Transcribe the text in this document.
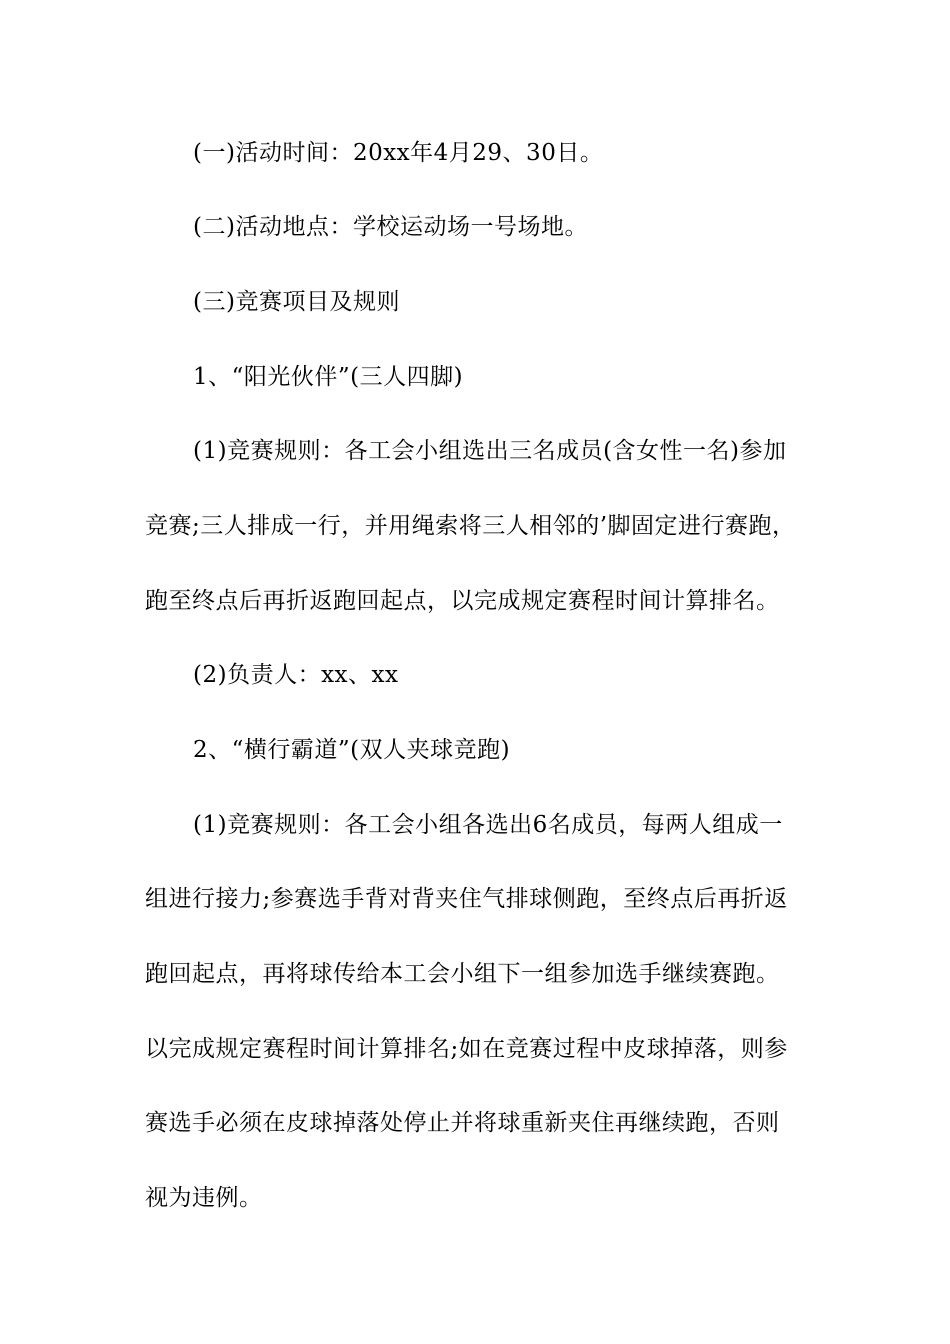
(一)活动时间：20xx年4月29、30日。
(二)活动地点：学校运动场一号场地。
(三)竞赛项目及规则
1、“阳光伙伴”(三人四脚)
(1)竞赛规则：各工会小组选出三名成员(含女性一名)参加
竞赛;三人排成一行，并用绳索将三人相邻的’脚固定进行赛跑，
跑至终点后再折返跑回起点，以完成规定赛程时间计算排名。
(2)负责人：xx、xx
2、“横行霸道”(双人夹球竞跑)
(1)竞赛规则：各工会小组各选出6名成员，每两人组成一
组进行接力;参赛选手背对背夹住气排球侧跑，至终点后再折返
跑回起点，再将球传给本工会小组下一组参加选手继续赛跑。
以完成规定赛程时间计算排名;如在竞赛过程中皮球掉落，则参
赛选手必须在皮球掉落处停止并将球重新夹住再继续跑，否则
视为违例。
